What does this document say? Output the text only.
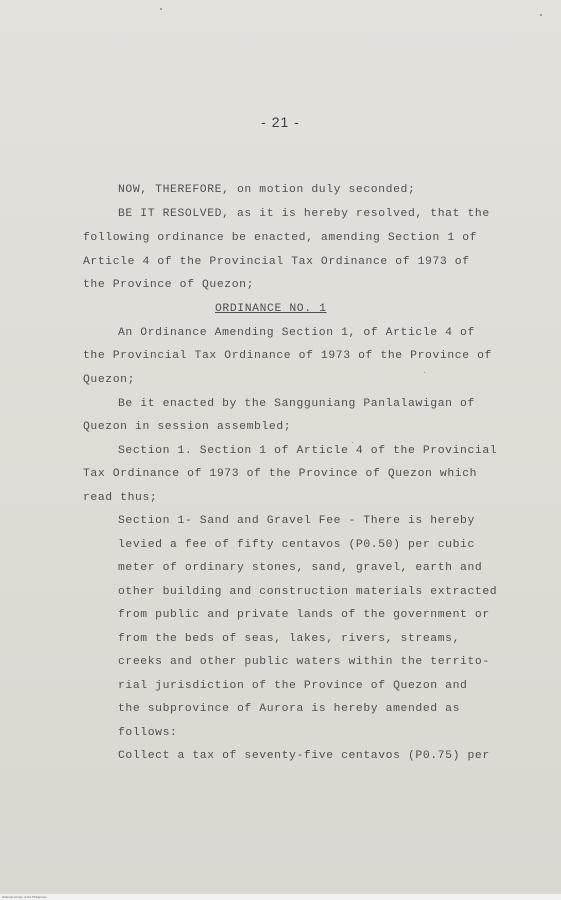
- 21 -
NOW, THEREFORE, on motion duly seconded;
BE IT RESOLVED, as it is hereby resolved, that the
following ordinance be enacted, amending Section 1 of
Article 4 of the Provincial Tax Ordinance of 1973 of
the Province of Quezon;
ORDINANCE NO. 1
An Ordinance Amending Section 1, of Article 4 of
the Provincial Tax Ordinance of 1973 of the Province of
Quezon;
Be it enacted by the Sangguniang Panlalawigan of
Quezon in session assembled;
Section 1. Section 1 of Article 4 of the Provincial
Tax Ordinance of 1973 of the Province of Quezon which
read thus;
Section 1- Sand and Gravel Fee - There is hereby
levied a fee of fifty centavos (P0.50) per cubic
meter of ordinary stones, sand, gravel, earth and
other building and construction materials extracted
from public and private lands of the government or
from the beds of seas, lakes, rivers, streams,
creeks and other public waters within the territo-
rial jurisdiction of the Province of Quezon and
the subprovince of Aurora is hereby amended as
follows:
Collect a tax of seventy-five centavos (P0.75) per
National Library of the Philippines
